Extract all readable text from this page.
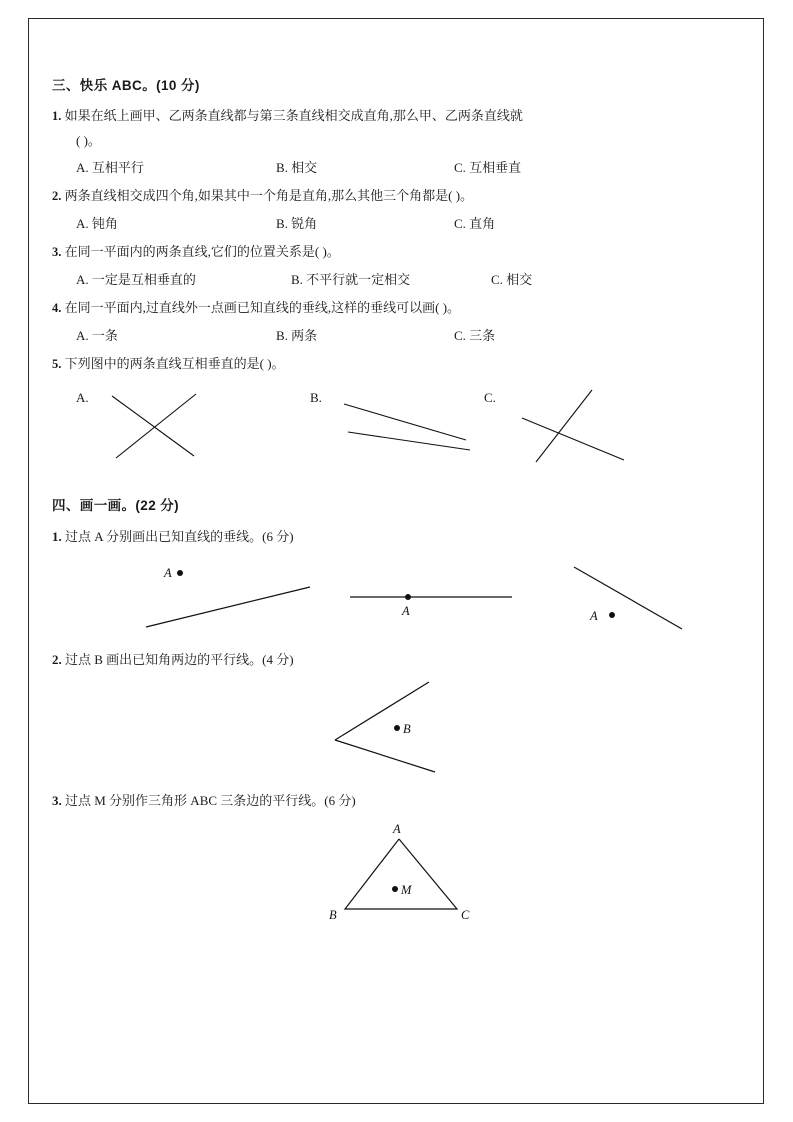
三、快乐 ABC。(10 分)
1. 如果在纸上画甲、乙两条直线都与第三条直线相交成直角,那么甲、乙两条直线就
( )。
A. 互相平行	B. 相交	C. 互相垂直
2. 两条直线相交成四个角,如果其中一个角是直角,那么其他三个角都是( )。
A. 钝角	B. 锐角	C. 直角
3. 在同一平面内的两条直线,它们的位置关系是( )。
A. 一定是互相垂直的	B. 不平行就一定相交	C. 相交
4. 在同一平面内,过直线外一点画已知直线的垂线,这样的垂线可以画( )。
A. 一条	B. 两条	C. 三条
5. 下列图中的两条直线互相垂直的是( )。
A.	B.	C.
四、画一画。(22 分)
1. 过点 A 分别画出已知直线的垂线。(6 分)
A
A	A
2. 过点 B 画出已知角两边的平行线。(4 分)
B
3. 过点 M 分别作三角形 ABC 三条边的平行线。(6 分)
A
M
B	C
